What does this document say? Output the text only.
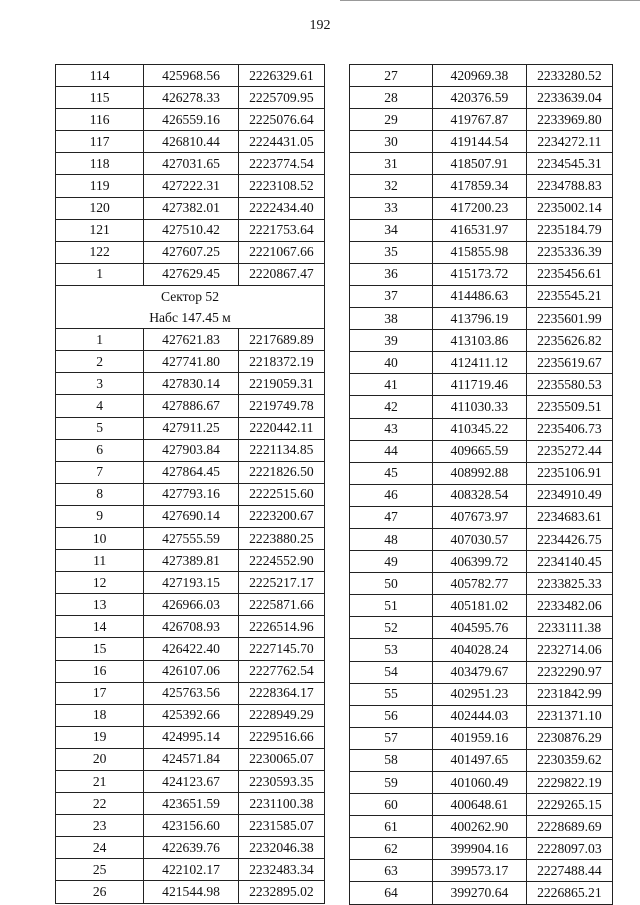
192
114	425968.56	2226329.61
115	426278.33	2225709.95
116	426559.16	2225076.64
117	426810.44	2224431.05
118	427031.65	2223774.54
119	427222.31	2223108.52
120	427382.01	2222434.40
121	427510.42	2221753.64
122	427607.25	2221067.66
1	427629.45	2220867.47
Сектор 52		
Набс 147.45 м		
1	427621.83	2217689.89
2	427741.80	2218372.19
3	427830.14	2219059.31
4	427886.67	2219749.78
5	427911.25	2220442.11
6	427903.84	2221134.85
7	427864.45	2221826.50
8	427793.16	2222515.60
9	427690.14	2223200.67
10	427555.59	2223880.25
11	427389.81	2224552.90
12	427193.15	2225217.17
13	426966.03	2225871.66
14	426708.93	2226514.96
15	426422.40	2227145.70
16	426107.06	2227762.54
17	425763.56	2228364.17
18	425392.66	2228949.29
19	424995.14	2229516.66
20	424571.84	2230065.07
21	424123.67	2230593.35
22	423651.59	2231100.38
23	423156.60	2231585.07
24	422639.76	2232046.38
25	422102.17	2232483.34
26	421544.98	2232895.02
27	420969.38	2233280.52
28	420376.59	2233639.04
29	419767.87	2233969.80
30	419144.54	2234272.11
31	418507.91	2234545.31
32	417859.34	2234788.83
33	417200.23	2235002.14
34	416531.97	2235184.79
35	415855.98	2235336.39
36	415173.72	2235456.61
37	414486.63	2235545.21
38	413796.19	2235601.99
39	413103.86	2235626.82
40	412411.12	2235619.67
41	411719.46	2235580.53
42	411030.33	2235509.51
43	410345.22	2235406.73
44	409665.59	2235272.44
45	408992.88	2235106.91
46	408328.54	2234910.49
47	407673.97	2234683.61
48	407030.57	2234426.75
49	406399.72	2234140.45
50	405782.77	2233825.33
51	405181.02	2233482.06
52	404595.76	2233111.38
53	404028.24	2232714.06
54	403479.67	2232290.97
55	402951.23	2231842.99
56	402444.03	2231371.10
57	401959.16	2230876.29
58	401497.65	2230359.62
59	401060.49	2229822.19
60	400648.61	2229265.15
61	400262.90	2228689.69
62	399904.16	2228097.03
63	399573.17	2227488.44
64	399270.64	2226865.21
